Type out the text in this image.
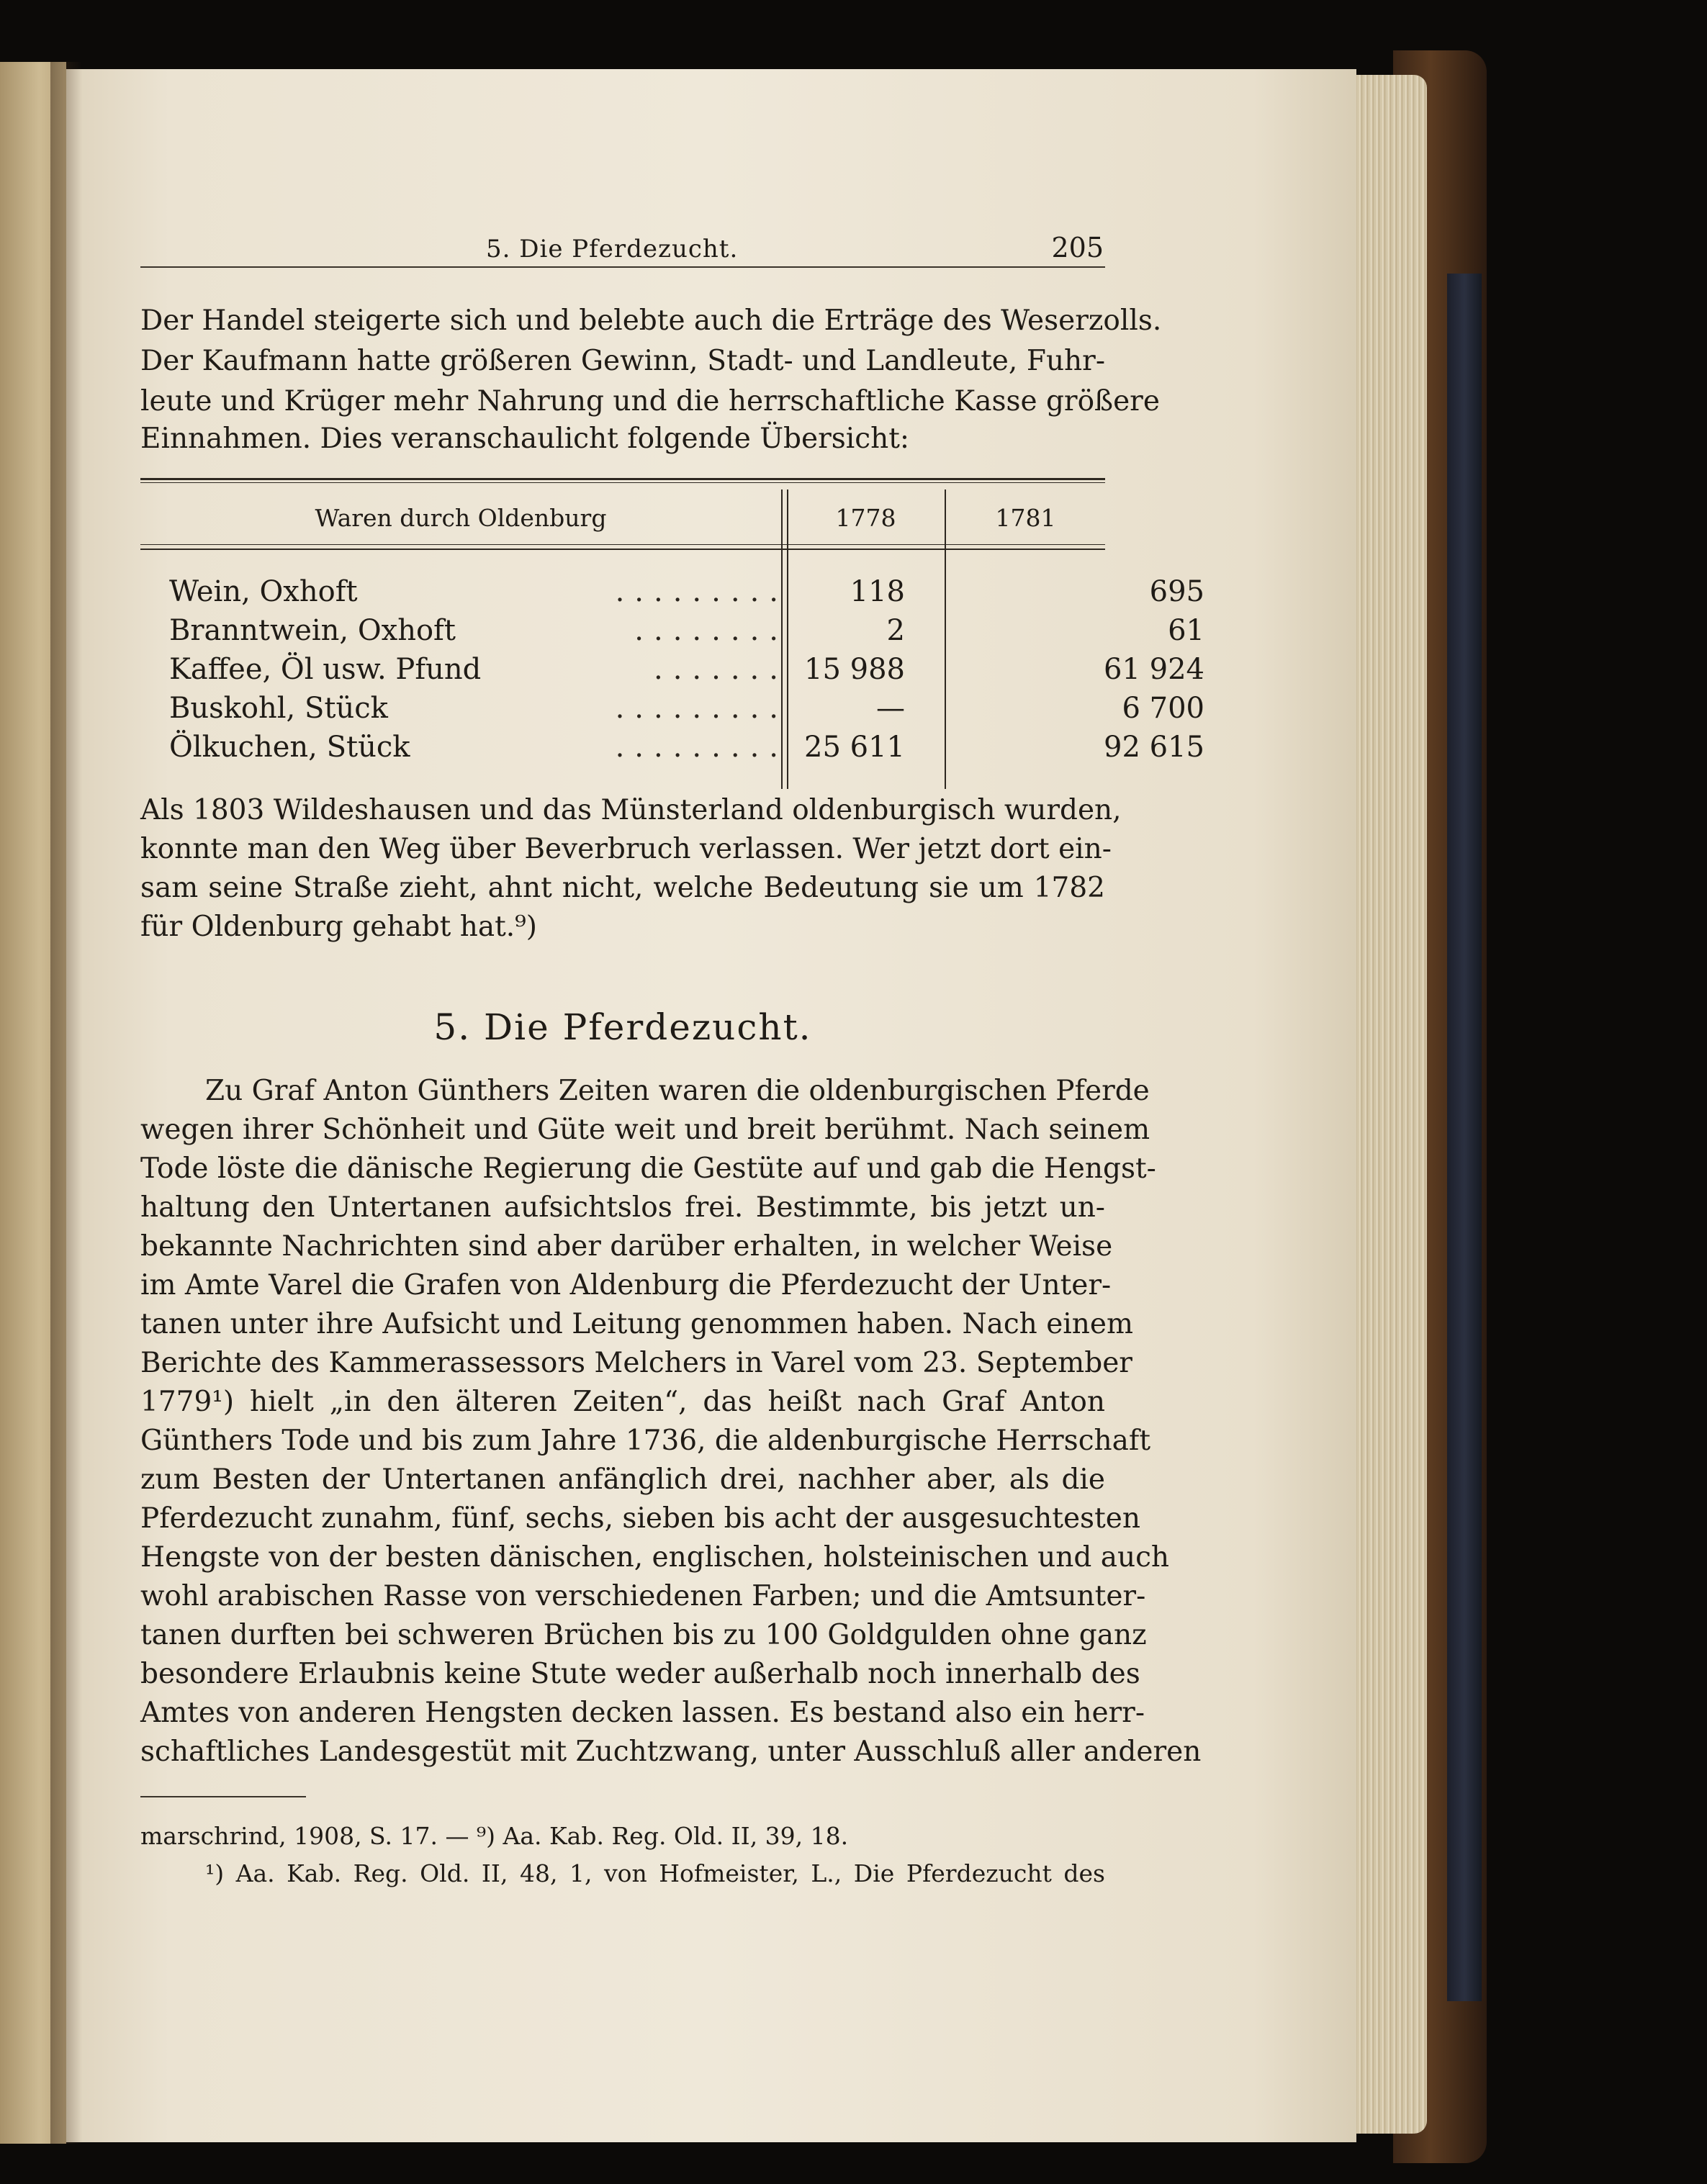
5. Die Pferdezucht.	205
Der Handel steigerte sich und belebte auch die Erträge des Weserzolls.
Der Kaufmann hatte größeren Gewinn, Stadt- und Landleute, Fuhr-
leute und Krüger mehr Nahrung und die herrschaftliche Kasse größere
Einnahmen. Dies veranschaulicht folgende Übersicht:
Waren durch Oldenburg	1778	1781
Wein, Oxhoft	.........	118	695
Branntwein, Oxhoft	........	2	61
Kaffee, Öl usw. Pfund	....... 15 988	61 924
Buskohl, Stück	.........	—	6 700
Ölkuchen, Stück	......... 25 611	92 615
Als 1803 Wildeshausen und das Münsterland oldenburgisch wurden,
konnte man den Weg über Beverbruch verlassen. Wer jetzt dort ein-
sam seine Straße zieht, ahnt nicht, welche Bedeutung sie um 1782
für Oldenburg gehabt hat.⁹)
5. Die Pferdezucht.
Zu Graf Anton Günthers Zeiten waren die oldenburgischen Pferde
wegen ihrer Schönheit und Güte weit und breit berühmt. Nach seinem
Tode löste die dänische Regierung die Gestüte auf und gab die Hengst-
haltung den Untertanen aufsichtslos frei. Bestimmte, bis jetzt un-
bekannte Nachrichten sind aber darüber erhalten, in welcher Weise
im Amte Varel die Grafen von Aldenburg die Pferdezucht der Unter-
tanen unter ihre Aufsicht und Leitung genommen haben. Nach einem
Berichte des Kammerassessors Melchers in Varel vom 23. September
1779¹) hielt „in den älteren Zeiten“, das heißt nach Graf Anton
Günthers Tode und bis zum Jahre 1736, die aldenburgische Herrschaft
zum Besten der Untertanen anfänglich drei, nachher aber, als die
Pferdezucht zunahm, fünf, sechs, sieben bis acht der ausgesuchtesten
Hengste von der besten dänischen, englischen, holsteinischen und auch
wohl arabischen Rasse von verschiedenen Farben; und die Amtsunter-
tanen durften bei schweren Brüchen bis zu 100 Goldgulden ohne ganz
besondere Erlaubnis keine Stute weder außerhalb noch innerhalb des
Amtes von anderen Hengsten decken lassen. Es bestand also ein herr-
schaftliches Landesgestüt mit Zuchtzwang, unter Ausschluß aller anderen
marschrind, 1908, S. 17. — ⁹) Aa. Kab. Reg. Old. II, 39, 18.
¹) Aa. Kab. Reg. Old. II, 48, 1, von Hofmeister, L., Die Pferdezucht des
